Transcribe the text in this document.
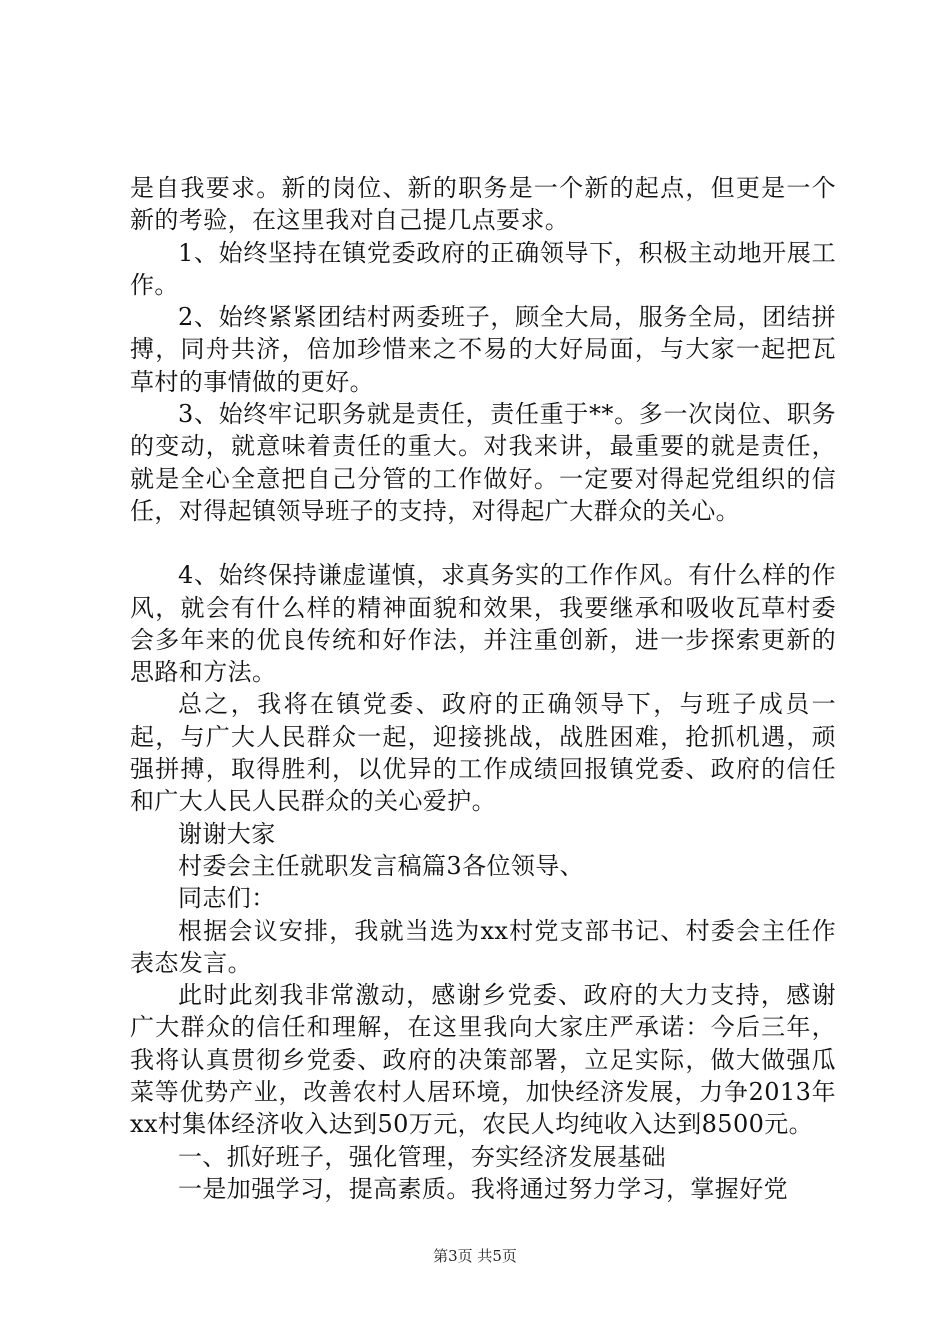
是自我要求。新的岗位、新的职务是一个新的起点，但更是一个新的考验，在这里我对自己提几点要求。

1、始终坚持在镇党委政府的正确领导下，积极主动地开展工作。

2、始终紧紧团结村两委班子，顾全大局，服务全局，团结拼搏，同舟共济，倍加珍惜来之不易的大好局面，与大家一起把瓦草村的事情做的更好。

3、始终牢记职务就是责任，责任重于**。多一次岗位、职务的变动，就意味着责任的重大。对我来讲，最重要的就是责任，就是全心全意把自己分管的工作做好。一定要对得起党组织的信任，对得起镇领导班子的支持，对得起广大群众的关心。

4、始终保持谦虚谨慎，求真务实的工作作风。有什么样的作风，就会有什么样的精神面貌和效果，我要继承和吸收瓦草村委会多年来的优良传统和好作法，并注重创新，进一步探索更新的思路和方法。

总之，我将在镇党委、政府的正确领导下，与班子成员一起，与广大人民群众一起，迎接挑战，战胜困难，抢抓机遇，顽强拼搏，取得胜利，以优异的工作成绩回报镇党委、政府的信任和广大人民人民群众的关心爱护。

谢谢大家

村委会主任就职发言稿篇3各位领导、

同志们：

根据会议安排，我就当选为xx村党支部书记、村委会主任作表态发言。

此时此刻我非常激动，感谢乡党委、政府的大力支持，感谢广大群众的信任和理解，在这里我向大家庄严承诺：今后三年，我将认真贯彻乡党委、政府的决策部署，立足实际，做大做强瓜菜等优势产业，改善农村人居环境，加快经济发展，力争2013年xx村集体经济收入达到50万元，农民人均纯收入达到8500元。

一、抓好班子，强化管理，夯实经济发展基础

一是加强学习，提高素质。我将通过努力学习，掌握好党

第3页 共5页
